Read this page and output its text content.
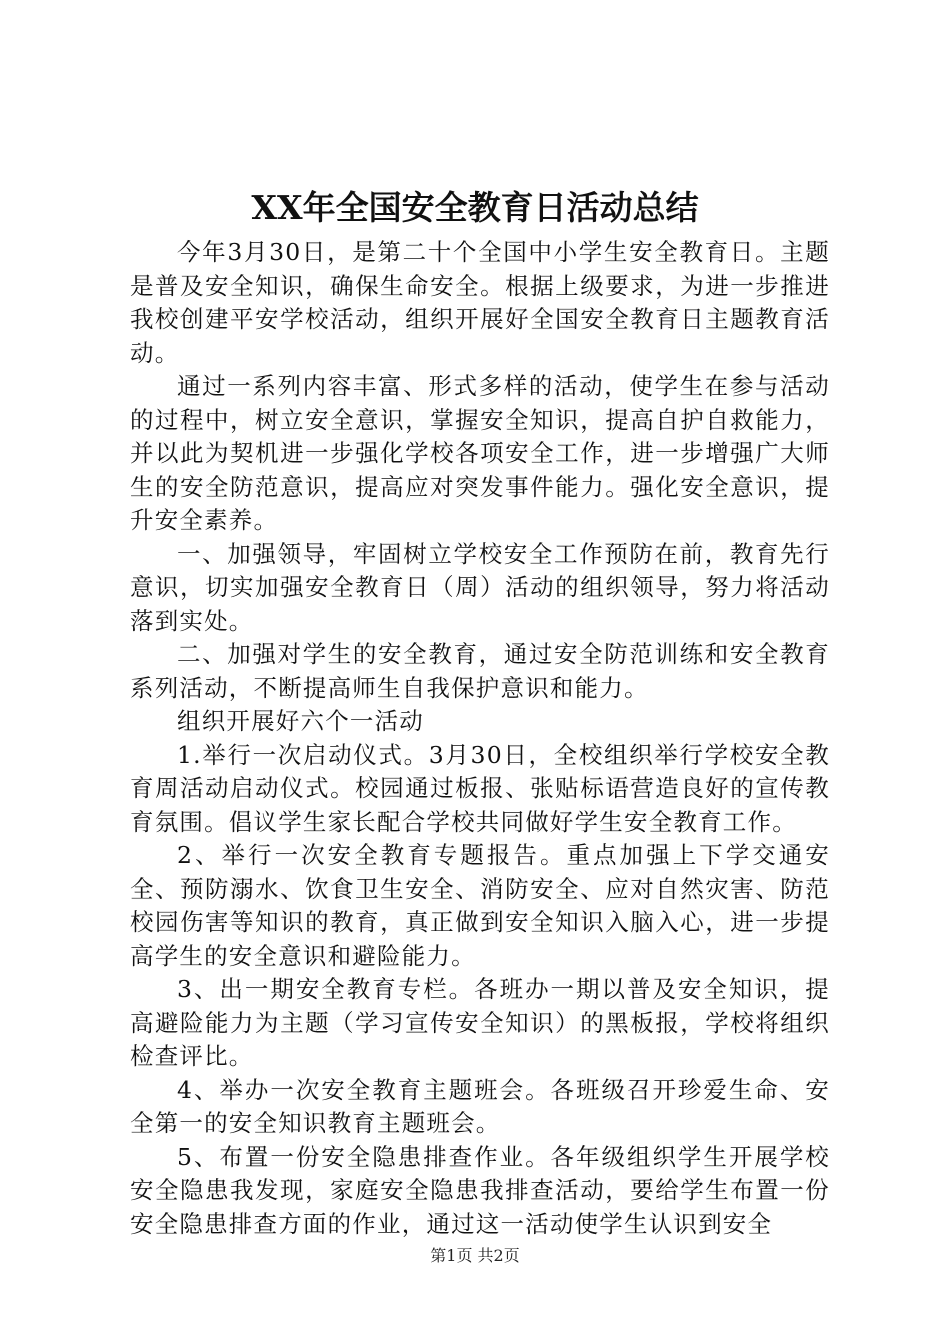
XX年全国安全教育日活动总结

今年3月30日，是第二十个全国中小学生安全教育日。主题是普及安全知识，确保生命安全。根据上级要求，为进一步推进我校创建平安学校活动，组织开展好全国安全教育日主题教育活动。

通过一系列内容丰富、形式多样的活动，使学生在参与活动的过程中，树立安全意识，掌握安全知识，提高自护自救能力，并以此为契机进一步强化学校各项安全工作，进一步增强广大师生的安全防范意识，提高应对突发事件能力。强化安全意识，提升安全素养。

一、加强领导，牢固树立学校安全工作预防在前，教育先行意识，切实加强安全教育日（周）活动的组织领导，努力将活动落到实处。

二、加强对学生的安全教育，通过安全防范训练和安全教育系列活动，不断提高师生自我保护意识和能力。

组织开展好六个一活动

1.举行一次启动仪式。3月30日，全校组织举行学校安全教育周活动启动仪式。校园通过板报、张贴标语营造良好的宣传教育氛围。倡议学生家长配合学校共同做好学生安全教育工作。

2、举行一次安全教育专题报告。重点加强上下学交通安全、预防溺水、饮食卫生安全、消防安全、应对自然灾害、防范校园伤害等知识的教育，真正做到安全知识入脑入心，进一步提高学生的安全意识和避险能力。

3、出一期安全教育专栏。各班办一期以普及安全知识，提高避险能力为主题（学习宣传安全知识）的黑板报，学校将组织检查评比。

4、举办一次安全教育主题班会。各班级召开珍爱生命、安全第一的安全知识教育主题班会。

5、布置一份安全隐患排查作业。各年级组织学生开展学校安全隐患我发现，家庭安全隐患我排查活动，要给学生布置一份安全隐患排查方面的作业，通过这一活动使学生认识到安全

第1页 共2页
